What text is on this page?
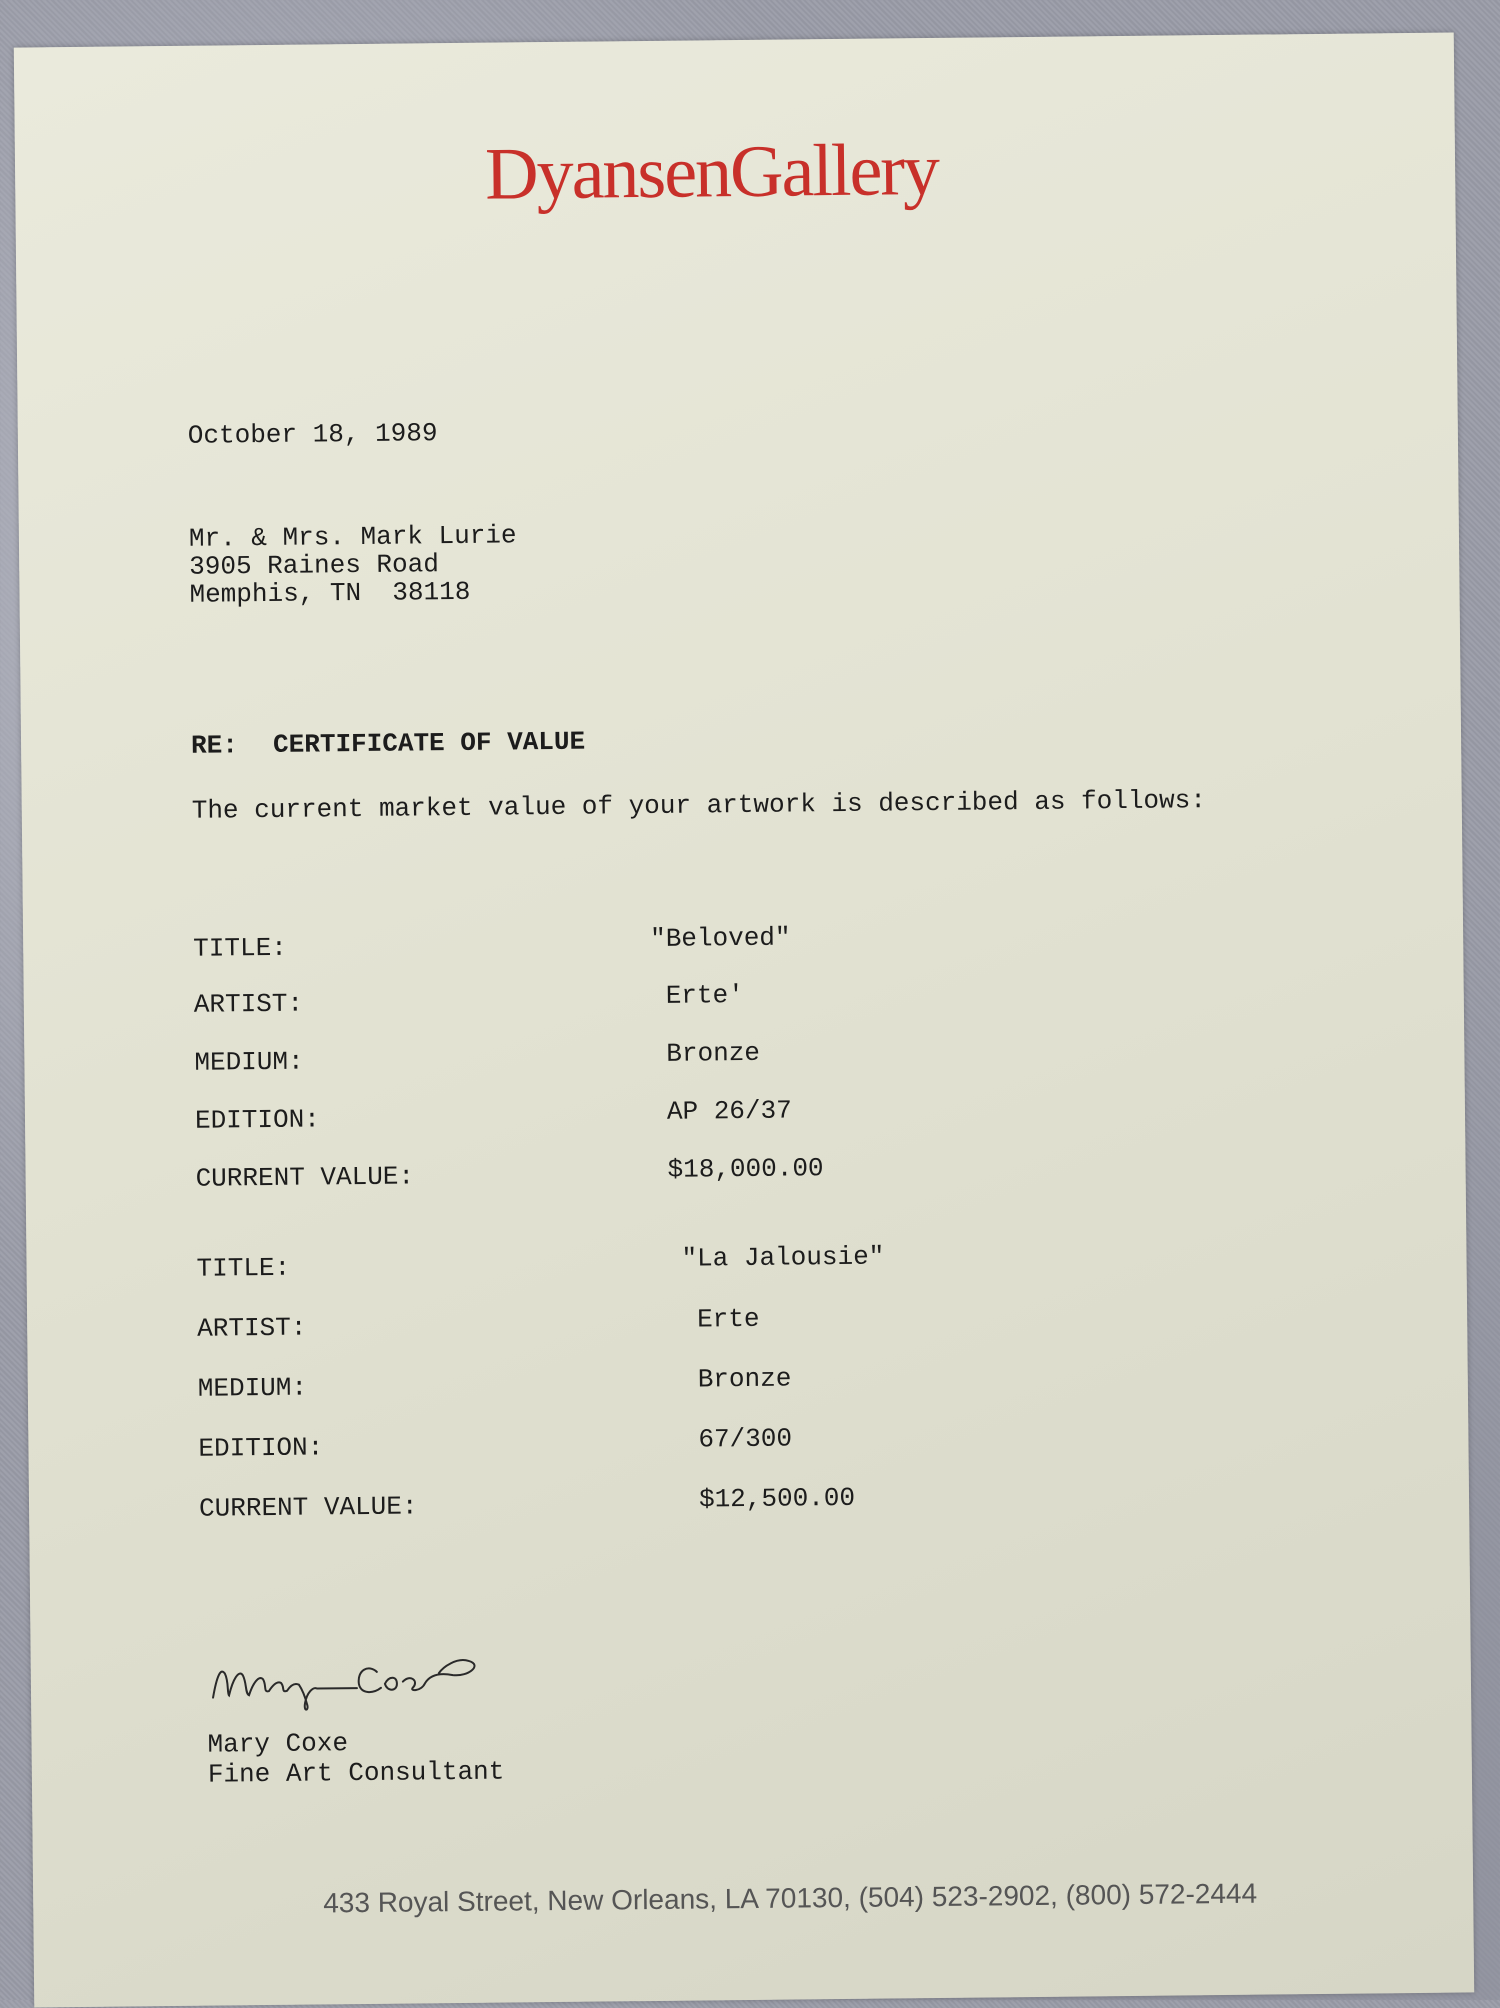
DyansenGallery
October 18, 1989
Mr. & Mrs. Mark Lurie
3905 Raines Road
Memphis, TN  38118
RE: CERTIFICATE OF VALUE
The current market value of your artwork is described as follows:
TITLE:	"Beloved"
ARTIST:	Erte'
MEDIUM:	Bronze
EDITION:	AP 26/37
CURRENT VALUE:	$18,000.00
TITLE:	"La Jalousie"
ARTIST:	Erte
MEDIUM:	Bronze
EDITION:	67/300
CURRENT VALUE:	$12,500.00
Mary Coxe
Fine Art Consultant
433 Royal Street, New Orleans, LA 70130, (504) 523-2902, (800) 572-2444
